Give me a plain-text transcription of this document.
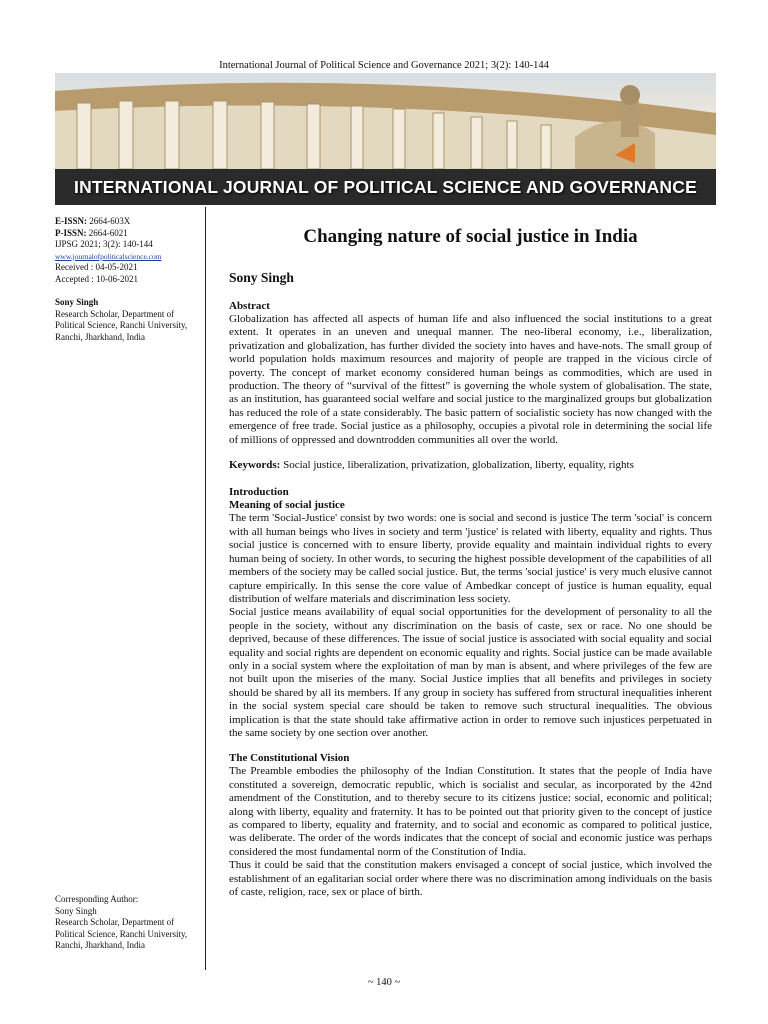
International Journal of Political Science and Governance 2021; 3(2): 140-144
INTERNATIONAL JOURNAL OF POLITICAL SCIENCE AND GOVERNANCE
E-ISSN: 2664-603X
P-ISSN: 2664-6021
IJPSG 2021; 3(2): 140-144
www.journalofpoliticalscience.com
Received : 04-05-2021
Accepted : 10-06-2021
Sony Singh
Research Scholar, Department of Political Science, Ranchi University, Ranchi, Jharkhand, India
Corresponding Author:
Sony Singh
Research Scholar, Department of Political Science, Ranchi University, Ranchi, Jharkhand, India
Changing nature of social justice in India
Sony Singh
Abstract

Globalization has affected all aspects of human life and also influenced the social institutions to a great extent. It operates in an uneven and unequal manner. The neo-liberal economy, i.e., liberalization, privatization and globalization, has further divided the society into haves and have-nots. The small group of world population holds maximum resources and majority of people are trapped in the vicious circle of poverty. The concept of market economy considered human beings as commodities, which are used in production. The theory of “survival of the fittest” is governing the whole system of globalisation. The state, as an institution, has guaranteed social welfare and social justice to the marginalized groups but globalization has reduced the role of a state considerably. The basic pattern of socialistic society has now changed with the emergence of free trade. Social justice as a philosophy, occupies a pivotal role in determining the social life of millions of oppressed and downtrodden communities all over the world.

Keywords: Social justice, liberalization, privatization, globalization, liberty, equality, rights
Introduction
Meaning of social justice

The term 'Social-Justice' consist by two words: one is social and second is justice The term 'social' is concern with all human beings who lives in society and term 'justice' is related with liberty, equality and rights. Thus social justice is concerned with to ensure liberty, provide equality and maintain individual rights to every human being of society. In other words, to securing the highest possible development of the capabilities of all members of the society may be called social justice. But, the terms 'social justice' is very much elusive cannot capture empirically. In this sense the core value of Ambedkar concept of justice is human equality, equal distribution of welfare materials and discrimination less society.

Social justice means availability of equal social opportunities for the development of personality to all the people in the society, without any discrimination on the basis of caste, sex or race. No one should be deprived, because of these differences. The issue of social justice is associated with social equality and social equality and social rights are dependent on economic equality and rights. Social justice can be made available only in a social system where the exploitation of man by man is absent, and where privileges of the few are not built upon the miseries of the many. Social Justice implies that all benefits and privileges in society should be shared by all its members. If any group in society has suffered from structural inequalities inherent in the social system special care should be taken to remove such structural inequalities. The obvious implication is that the state should take affirmative action in order to remove such injustices perpetuated in the same society by one section over another.

The Constitutional Vision

The Preamble embodies the philosophy of the Indian Constitution. It states that the people of India have constituted a sovereign, democratic republic, which is socialist and secular, as incorporated by the 42nd amendment of the Constitution, and to thereby secure to its citizens justice: social, economic and political; along with liberty, equality and fraternity. It has to be pointed out that priority given to the concept of justice as compared to liberty, equality and fraternity, and to social and economic as compared to political justice, was deliberate. The order of the words indicates that the concept of social and economic justice was perhaps considered the most fundamental norm of the Constitution of India.

Thus it could be said that the constitution makers envisaged a concept of social justice, which involved the establishment of an egalitarian social order where there was no discrimination among individuals on the basis of caste, religion, race, sex or place of birth.

~ 140 ~
